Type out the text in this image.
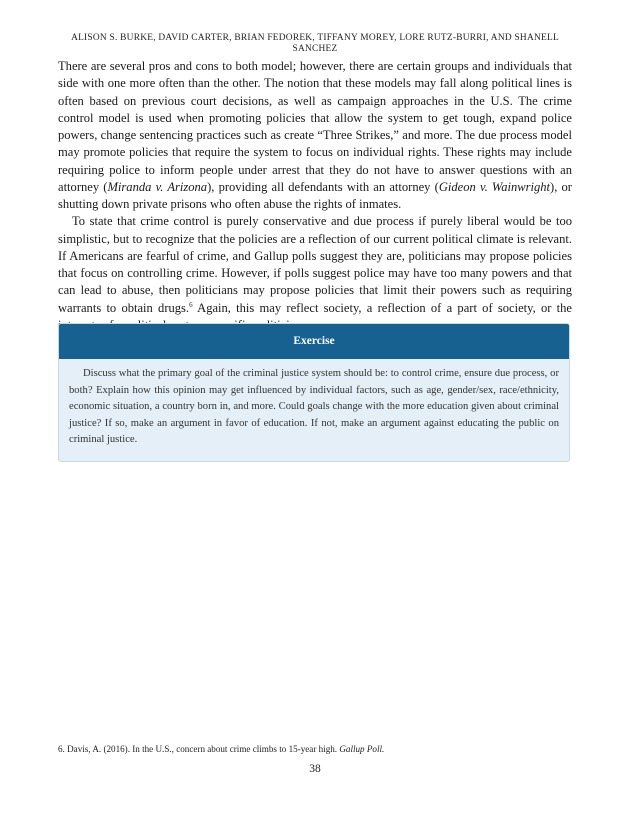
ALISON S. BURKE, DAVID CARTER, BRIAN FEDOREK, TIFFANY MOREY, LORE RUTZ-BURRI, AND SHANELL SANCHEZ

There are several pros and cons to both model; however, there are certain groups and individuals that side with one more often than the other. The notion that these models may fall along political lines is often based on previous court decisions, as well as campaign approaches in the U.S. The crime control model is used when promoting policies that allow the system to get tough, expand police powers, change sentencing practices such as create “Three Strikes,” and more. The due process model may promote policies that require the system to focus on individual rights. These rights may include requiring police to inform people under arrest that they do not have to answer questions with an attorney (Miranda v. Arizona), providing all defendants with an attorney (Gideon v. Wainwright), or shutting down private prisons who often abuse the rights of inmates.

To state that crime control is purely conservative and due process if purely liberal would be too simplistic, but to recognize that the policies are a reflection of our current political climate is relevant. If Americans are fearful of crime, and Gallup polls suggest they are, politicians may propose policies that focus on controlling crime. However, if polls suggest police may have too many powers and that can lead to abuse, then politicians may propose policies that limit their powers such as requiring warrants to obtain drugs.$^6$ Again, this may reflect society, a reflection of a part of society, or the

Exercise
Discuss what the primary goal of the criminal justice system should be: to control crime, ensure due process, or both? Explain how this opinion may get influenced by individual factors, such as age, gender/sex, race/ethnicity, economic situation, a country born in, and more. Could goals change with the more education given about criminal justice? If so, make an argument in favor of education. If not, make an argument against educating the public on criminal justice.
6. Davis, A. (2016). In the U.S., concern about crime climbs to 15-year high. Gallup Poll.
38
